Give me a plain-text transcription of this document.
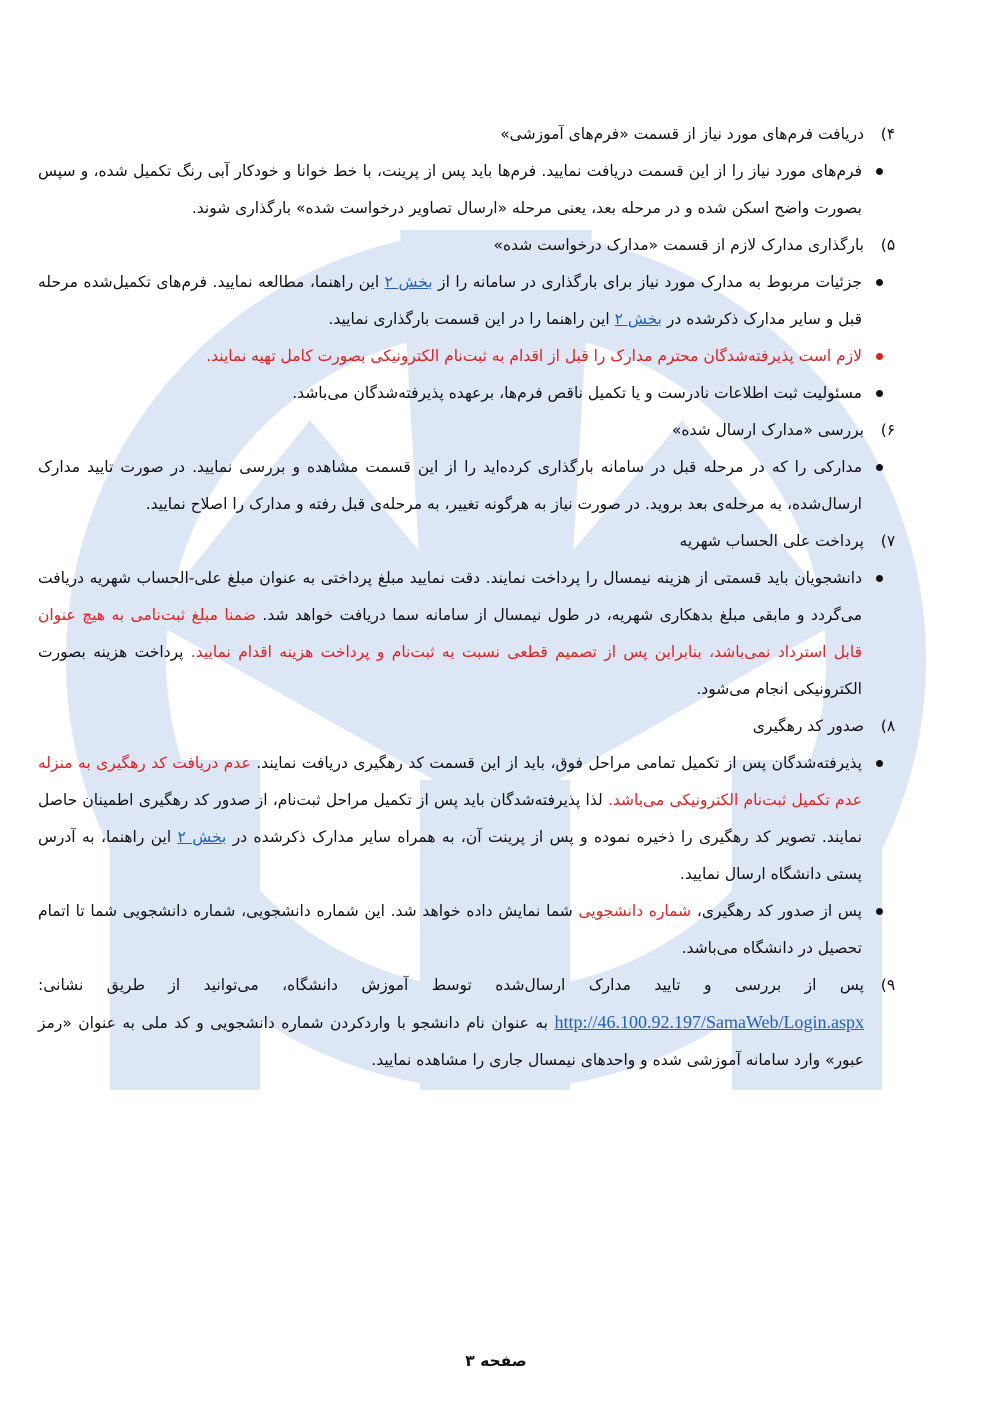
۴)
دریافت فرم‌های مورد نیاز از قسمت «فرم‌های آموزشی»
فرم‌های مورد نیاز را از این قسمت دریافت نمایید. فرم‌ها باید پس از پرینت، با خط خوانا و خودکار آبی رنگ تکمیل شده، و سپس بصورت واضح اسکن شده و در مرحله بعد، یعنی مرحله «ارسال تصاویر درخواست شده» بارگذاری شوند.
۵)
بارگذاری مدارک لازم از قسمت «مدارک درخواست شده»
جزئیات مربوط به مدارک مورد نیاز برای بارگذاری در سامانه را از بخش ۲ این راهنما، مطالعه نمایید. فرم‌های تکمیل‌شده مرحله قبل و سایر مدارک ذکرشده در بخش ۲ این راهنما را در این قسمت بارگذاری نمایید.
لازم است پذیرفته‌شدگان محترم مدارک را قبل از اقدام به ثبت‌نام الکترونیکی بصورت کامل تهیه نمایند.
مسئولیت ثبت اطلاعات نادرست و یا تکمیل ناقص فرم‌ها، برعهده پذیرفته‌شدگان می‌باشد.
۶)
بررسی «مدارک ارسال شده»
مدارکی را که در مرحله قبل در سامانه بارگذاری کرده‌اید را از این قسمت مشاهده و بررسی نمایید. در صورت تایید مدارک ارسال‌شده، به مرحله‌ی بعد بروید. در صورت نیاز به هرگونه تغییر، به مرحله‌ی قبل رفته و مدارک را اصلاح نمایید.
۷)
پرداخت علی الحساب شهریه
دانشجویان باید قسمتی از هزینه نیمسال را پرداخت نمایند. دقت نمایید مبلغ پرداختی به عنوان مبلغ علی-الحساب شهریه دریافت می‌گردد و مابقی مبلغ بدهکاری شهریه، در طول نیمسال از سامانه سما دریافت خواهد شد. ضمنا مبلغ ثبت‌نامی به هیچ عنوان قابل استرداد نمی‌باشد، بنابراین پس از تصمیم قطعی نسبت به ثبت‌نام و پرداخت هزینه اقدام نمایید. پرداخت هزینه بصورت الکترونیکی انجام می‌شود.
۸)
صدور کد رهگیری
پذیرفته‌شدگان پس از تکمیل تمامی مراحل فوق، باید از این قسمت کد رهگیری دریافت نمایند. عدم دریافت کد رهگیری به منزله عدم تکمیل ثبت‌نام الکترونیکی می‌باشد. لذا پذیرفته‌شدگان باید پس از تکمیل مراحل ثبت‌نام، از صدور کد رهگیری اطمینان حاصل نمایند. تصویر کد رهگیری را ذخیره نموده و پس از پرینت آن، به همراه سایر مدارک ذکرشده در بخش ۲ این راهنما، به آدرس پستی دانشگاه ارسال نمایید.
پس از صدور کد رهگیری، شماره دانشجویی شما نمایش داده خواهد شد. این شماره دانشجویی، شماره دانشجویی شما تا اتمام تحصیل در دانشگاه می‌باشد.
۹)
پس از بررسی و تایید مدارک ارسال‌شده توسط آموزش دانشگاه، می‌توانید از طریق نشانی: http://46.100.92.197/SamaWeb/Login.aspx به عنوان نام دانشجو با واردکردن شماره دانشجویی و کد ملی به عنوان «رمز عبور» وارد سامانه آموزشی شده و واحدهای نیمسال جاری را مشاهده نمایید.
صفحه ۳
